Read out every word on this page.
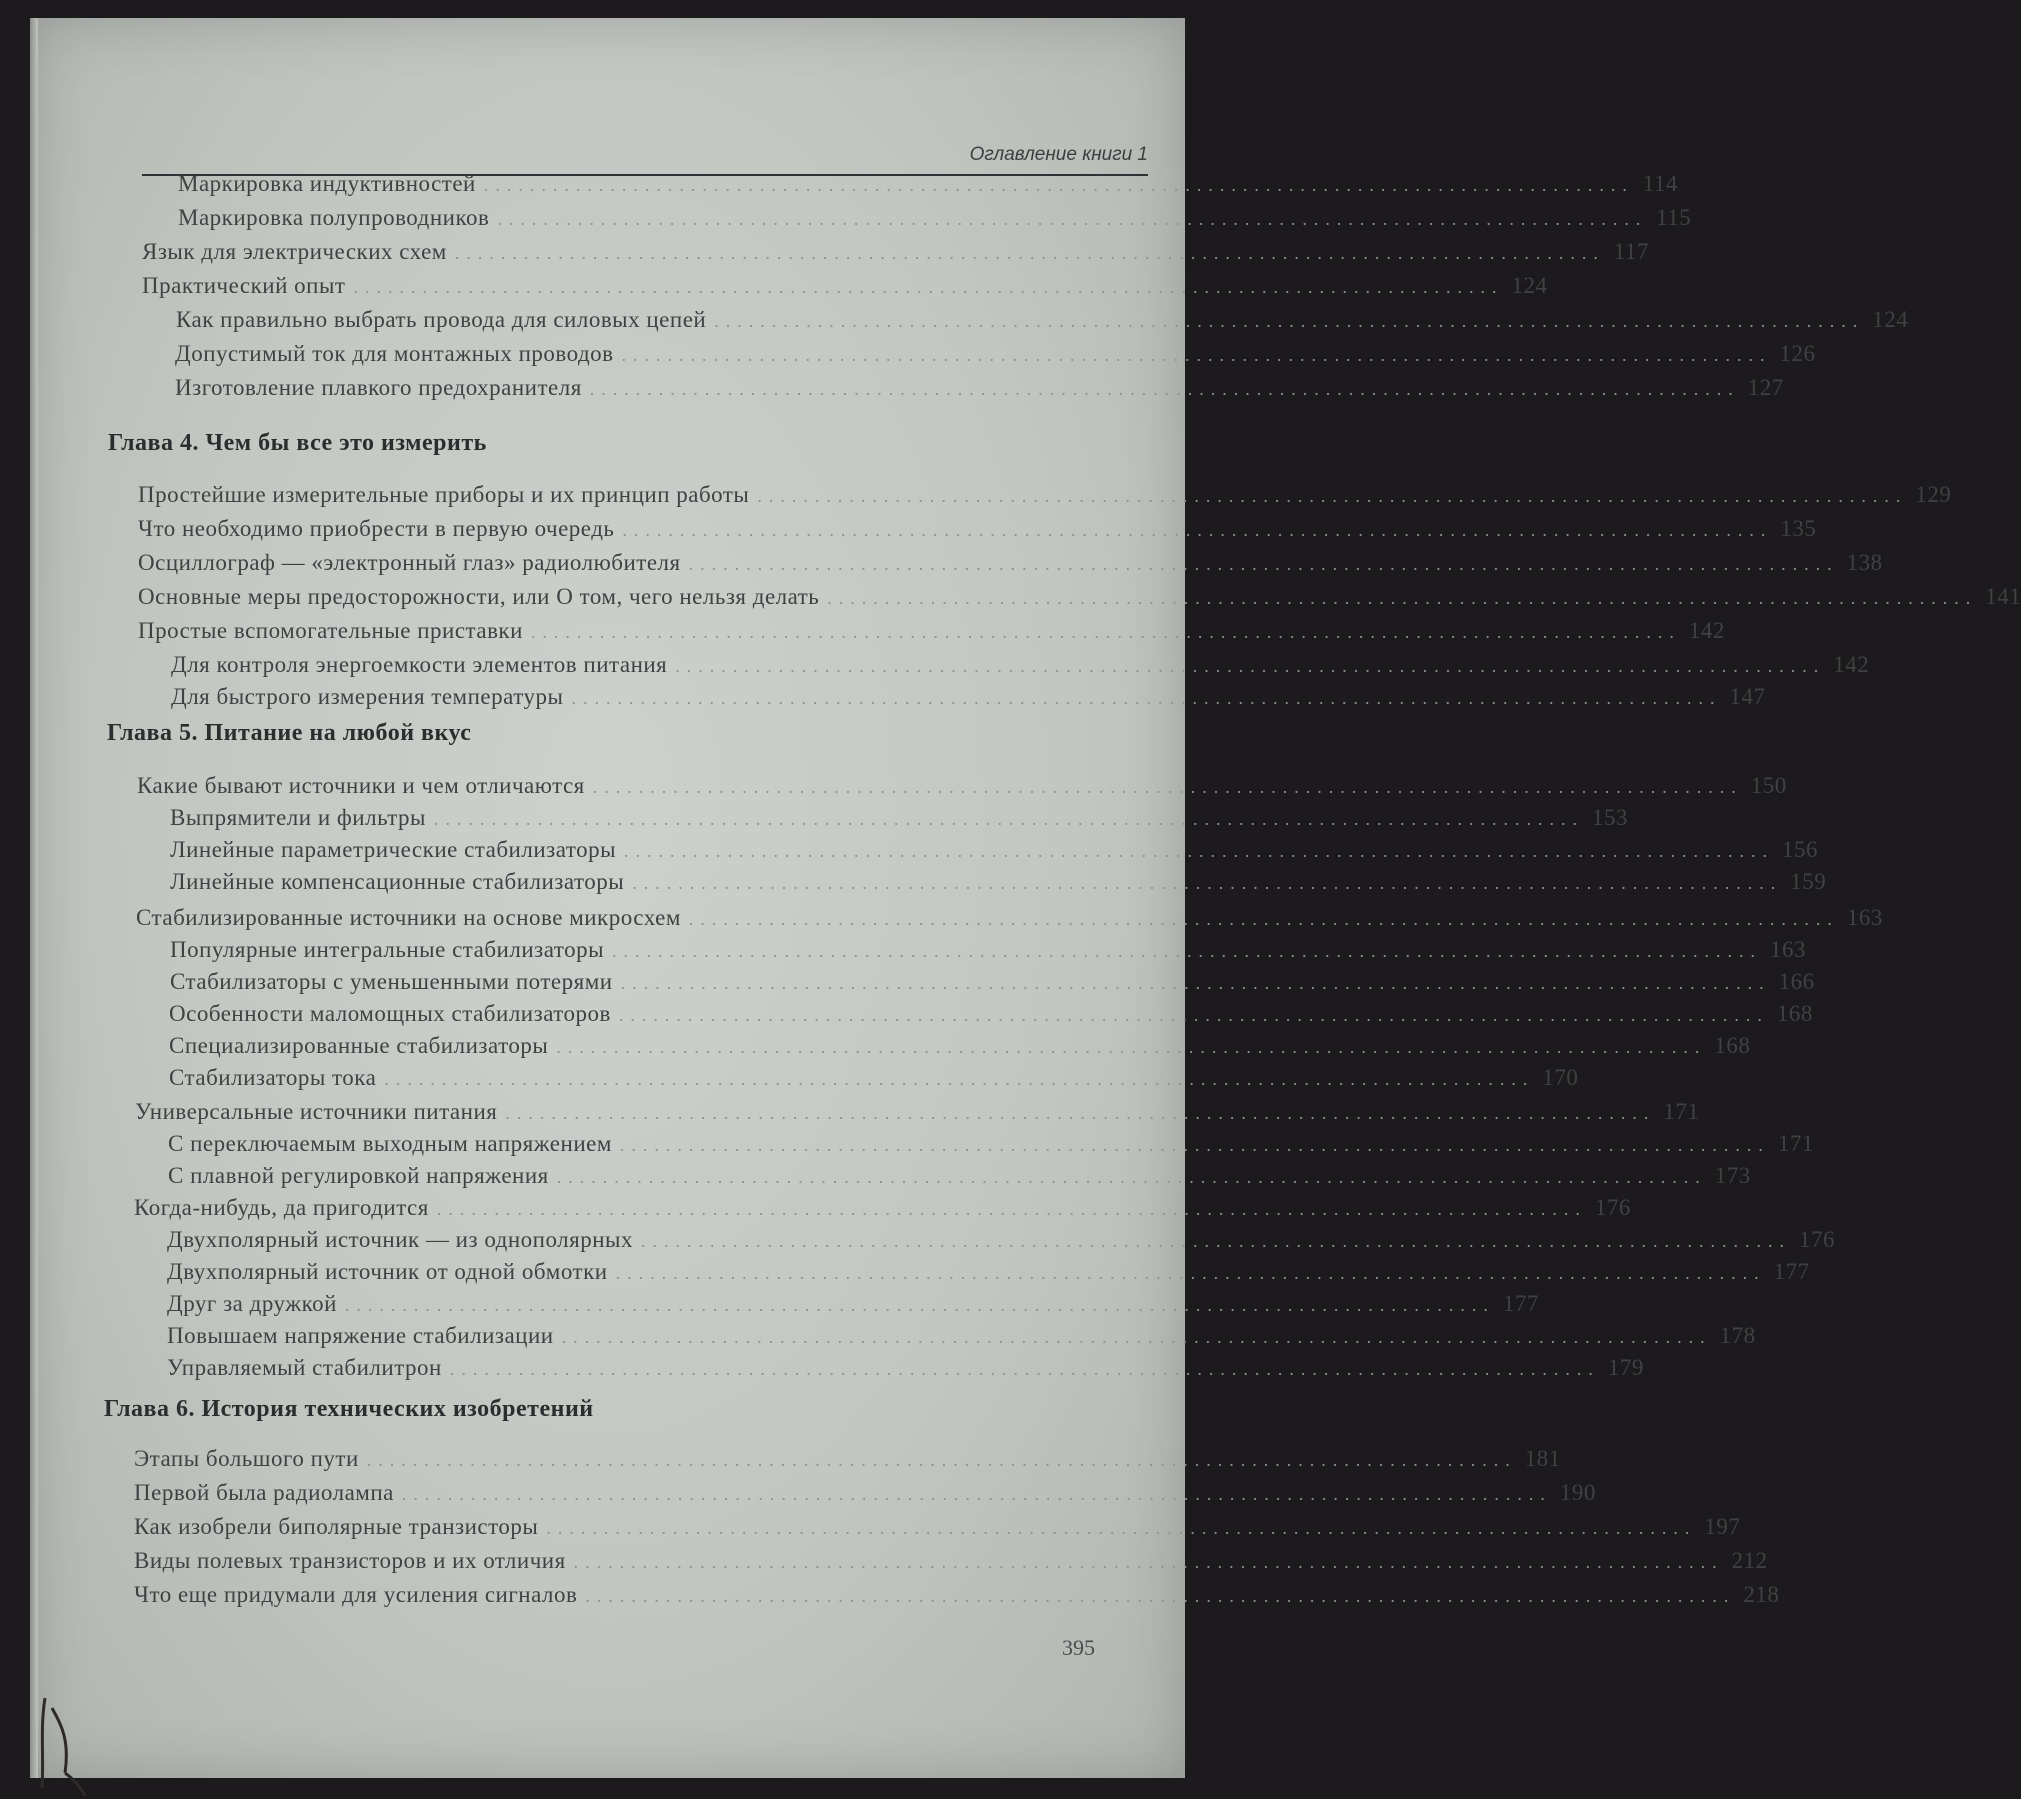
Оглавление книги 1
Глава 4. Чем бы все это измерить
Глава 5. Питание на любой вкус
Глава 6. История технических изобретений
Маркировка индуктивностей .................................................................................................... 114
Маркировка полупроводников .................................................................................................... 115
Язык для электрических схем .................................................................................................... 117
Практический опыт .................................................................................................... 124
Как правильно выбрать провода для силовых цепей .................................................................................................... 124
Допустимый ток для монтажных проводов .................................................................................................... 126
Изготовление плавкого предохранителя .................................................................................................... 127
Простейшие измерительные приборы и их принцип работы .................................................................................................... 129
Что необходимо приобрести в первую очередь .................................................................................................... 135
Осциллограф — «электронный глаз» радиолюбителя .................................................................................................... 138
Основные меры предосторожности, или О том, чего нельзя делать .................................................................................................... 141
Простые вспомогательные приставки .................................................................................................... 142
Для контроля энергоемкости элементов питания .................................................................................................... 142
Для быстрого измерения температуры .................................................................................................... 147
Какие бывают источники и чем отличаются .................................................................................................... 150
Выпрямители и фильтры .................................................................................................... 153
Линейные параметрические стабилизаторы .................................................................................................... 156
Линейные компенсационные стабилизаторы .................................................................................................... 159
Стабилизированные источники на основе микросхем .................................................................................................... 163
Популярные интегральные стабилизаторы .................................................................................................... 163
Стабилизаторы с уменьшенными потерями .................................................................................................... 166
Особенности маломощных стабилизаторов .................................................................................................... 168
Специализированные стабилизаторы .................................................................................................... 168
Стабилизаторы тока .................................................................................................... 170
Универсальные источники питания .................................................................................................... 171
С переключаемым выходным напряжением .................................................................................................... 171
С плавной регулировкой напряжения .................................................................................................... 173
Когда-нибудь, да пригодится .................................................................................................... 176
Двухполярный источник — из однополярных .................................................................................................... 176
Двухполярный источник от одной обмотки .................................................................................................... 177
Друг за дружкой .................................................................................................... 177
Повышаем напряжение стабилизации .................................................................................................... 178
Управляемый стабилитрон .................................................................................................... 179
Этапы большого пути .................................................................................................... 181
Первой была радиолампа .................................................................................................... 190
Как изобрели биполярные транзисторы .................................................................................................... 197
Виды полевых транзисторов и их отличия .................................................................................................... 212
Что еще придумали для усиления сигналов .................................................................................................... 218
395
